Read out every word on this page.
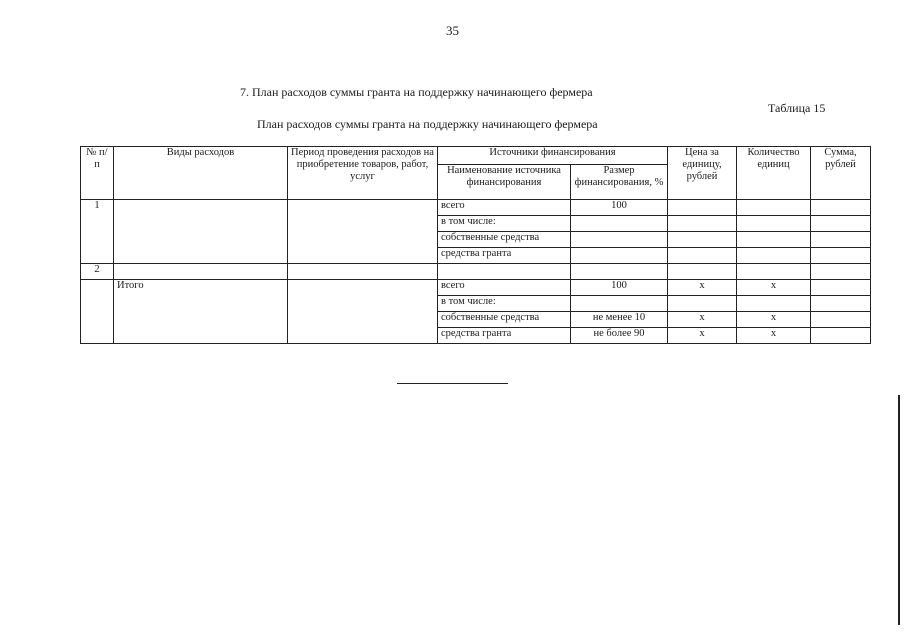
35
7. План расходов суммы гранта на поддержку начинающего фермера
Таблица 15
План расходов суммы гранта на поддержку начинающего фермера
№ п/п	Виды расходов	Период проведения расходов на приобретение товаров, работ, услуг	Источники финансирования		Цена за единицу, рублей	Количество единиц	Сумма, рублей
			Наименование источника финансирования	Размер финансирования, %			
1			всего	100			
			в том числе:				
			собственные средства				
			средства гранта				
2							
	Итого		всего	100	х	х	
			в том числе:				
			собственные средства	не менее 10	х	х	
			средства гранта	не более 90	х	х	
